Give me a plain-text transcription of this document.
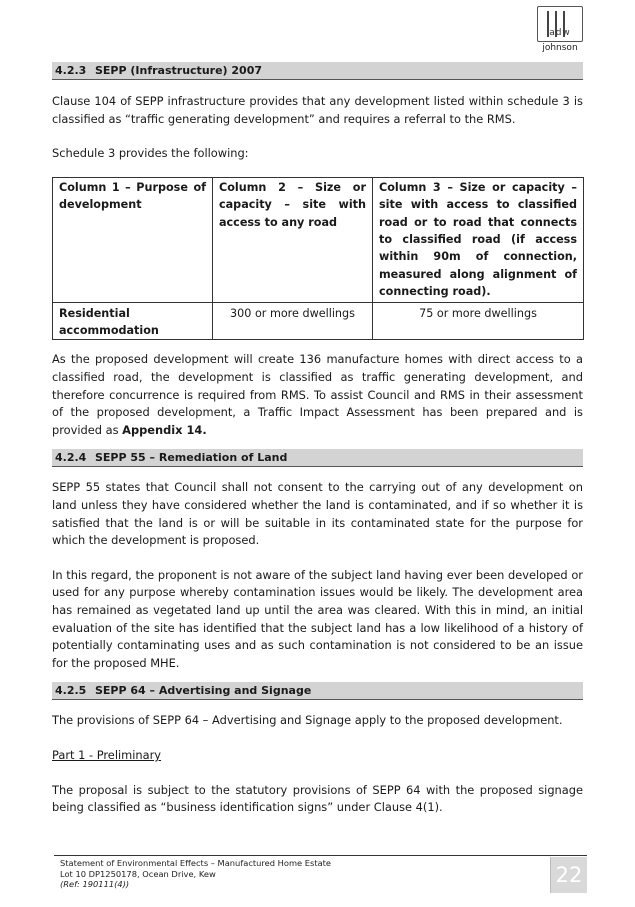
adw
johnson
4.2.3 SEPP (Infrastructure) 2007

Clause 104 of SEPP infrastructure provides that any development listed within schedule 3 is classified as “traffic generating development” and requires a referral to the RMS.

Schedule 3 provides the following:

Column 1 – Purpose of development	Column 2 – Size or capacity – site with access to any road	Column 3 – Size or capacity – site with access to classified road or to road that connects to classified road (if access within 90m of connection, measured along alignment of connecting road).
Residential accommodation	300 or more dwellings	75 or more dwellings

As the proposed development will create 136 manufacture homes with direct access to a classified road, the development is classified as traffic generating development, and therefore concurrence is required from RMS. To assist Council and RMS in their assessment of the proposed development, a Traffic Impact Assessment has been prepared and is provided as Appendix 14.

4.2.4 SEPP 55 – Remediation of Land

SEPP 55 states that Council shall not consent to the carrying out of any development on land unless they have considered whether the land is contaminated, and if so whether it is satisfied that the land is or will be suitable in its contaminated state for the purpose for which the development is proposed.

In this regard, the proponent is not aware of the subject land having ever been developed or used for any purpose whereby contamination issues would be likely. The development area has remained as vegetated land up until the area was cleared. With this in mind, an initial evaluation of the site has identified that the subject land has a low likelihood of a history of potentially contaminating uses and as such contamination is not considered to be an issue for the proposed MHE.

4.2.5 SEPP 64 – Advertising and Signage

The provisions of SEPP 64 – Advertising and Signage apply to the proposed development.

Part 1 - Preliminary

The proposal is subject to the statutory provisions of SEPP 64 with the proposed signage being classified as “business identification signs” under Clause 4(1).

Statement of Environmental Effects – Manufactured Home Estate
Lot 10 DP1250178, Ocean Drive, Kew
(Ref: 190111(4))	22
